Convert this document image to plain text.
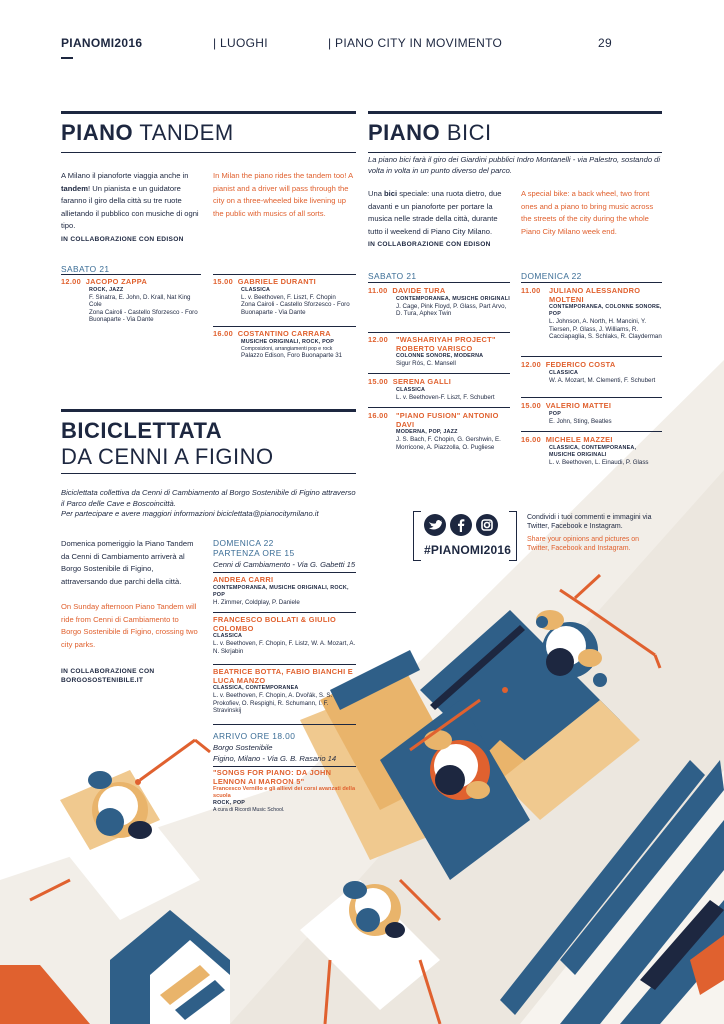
PIANOMI2016	| LUOGHI	| PIANO CITY IN MOVIMENTO	29
PIANO TANDEM
A Milano il pianoforte viaggia anche in tandem! Un pianista e un guidatore faranno il giro della città su tre ruote allietando il pubblico con musiche di ogni tipo.
IN COLLABORAZIONE CON EDISON
In Milan the piano rides the tandem too! A pianist and a driver will pass through the city on a three-wheeled bike livening up the public with musics of all sorts.
SABATO 21
12.00 JACOPO ZAPPA
ROCK, JAZZ
F. Sinatra, E. John, D. Krall, Nat King Cole
Zona Cairoli - Castello Sforzesco - Foro Buonaparte - Via Dante
15.00 GABRIELE DURANTI
CLASSICA
L. v. Beethoven, F. Liszt, F. Chopin
Zona Cairoli - Castello Sforzesco - Foro Buonaparte - Via Dante
16.00 COSTANTINO CARRARA
MUSICHE ORIGINALI, ROCK, POP
Composizioni, arrangiamenti pop e rock
Palazzo Edison, Foro Buonaparte 31
PIANO BICI
La piano bici farà il giro dei Giardini pubblici Indro Montanelli - via Palestro, sostando di volta in volta in un punto diverso del parco.
Una bici speciale: una ruota dietro, due davanti e un pianoforte per portare la musica nelle strade della città, durante tutto il weekend di Piano City Milano.
IN COLLABORAZIONE CON EDISON
A special bike: a back wheel, two front ones and a piano to bring music across the streets of the city during the whole Piano City Milano week end.
SABATO 21	DOMENICA 22
11.00 DAVIDE TURA
CONTEMPORANEA, MUSICHE ORIGINALI
J. Cage, Pink Floyd, P. Glass, Part Arvo, D. Tura, Aphex Twin
12.00	"WASHARIYAH PROJECT" ROBERTO VARISCO
COLONNE SONORE, MODERNA
Sigur Rós, C. Mansell
15.00 SERENA GALLI
CLASSICA
L. v. Beethoven-F. Liszt, F. Schubert
16.00	"PIANO FUSION" ANTONIO DAVI
MODERNA, POP, JAZZ
J. S. Bach, F. Chopin, G. Gershwin, E. Morricone, A. Piazzolla, O. Pugliese
11.00	JULIANO ALESSANDRO MOLTENI
CONTEMPORANEA, COLONNE SONORE, POP
L. Johnson, A. North, H. Mancini, Y. Tiersen, P. Glass, J. Williams, R. Cacciapaglia, S. Schlaks, R. Clayderman
12.00 FEDERICO COSTA
CLASSICA
W. A. Mozart, M. Clementi, F. Schubert
15.00 VALERIO MATTEI
POP
E. John, Sting, Beatles
16.00 MICHELE MAZZEI
CLASSICA, CONTEMPORANEA, MUSICHE ORIGINALI
L. v. Beethoven, L. Einaudi, P. Glass
BICICLETTATA
DA CENNI A FIGINO
Biciclettata collettiva da Cenni di Cambiamento al Borgo Sostenibile di Figino attraverso il Parco delle Cave e Boscoincittà.
Per partecipare e avere maggiori informazioni biciclettata@pianocitymilano.it
Domenica pomeriggio la Piano Tandem da Cenni di Cambiamento arriverà al Borgo Sostenibile di Figino, attraversando due parchi della città.
On Sunday afternoon Piano Tandem will ride from Cenni di Cambiamento to Borgo Sostenibile di Figino, crossing two city parks.
IN COLLABORAZIONE CON
BORGOSOSTENIBILE.IT
DOMENICA 22
PARTENZA ORE 15
Cenni di Cambiamento - Via G. Gabetti 15
ANDREA CARRI
CONTEMPORANEA, MUSICHE ORIGINALI, ROCK, POP
H. Zimmer, Coldplay, P. Daniele
FRANCESCO BOLLATI & GIULIO COLOMBO
CLASSICA
L. v. Beethoven, F. Chopin, F. Listz, W. A. Mozart, A. N. Skrjabin
BEATRICE BOTTA, FABIO BIANCHI E LUCA MANZO
CLASSICA, CONTEMPORANEA
L. v. Beethoven, F. Chopin, A. Dvořák, S. S. Prokofiev, O. Respighi, R. Schumann, I. F. Stravinskij
ARRIVO ORE 18.00
Borgo Sostenibile
Figino, Milano - Via G. B. Rasario 14
"SONGS FOR PIANO: DA JOHN LENNON AI MAROON 5"
Francesco Vernillo e gli allievi dei corsi avanzati della scuola
ROCK, POP
A cura di Ricordi Music School.
#PIANOMI2016
Condividi i tuoi commenti e immagini via Twitter, Facebook e Instagram.
Share your opinions and pictures on Twitter, Facebook and Instagram.
